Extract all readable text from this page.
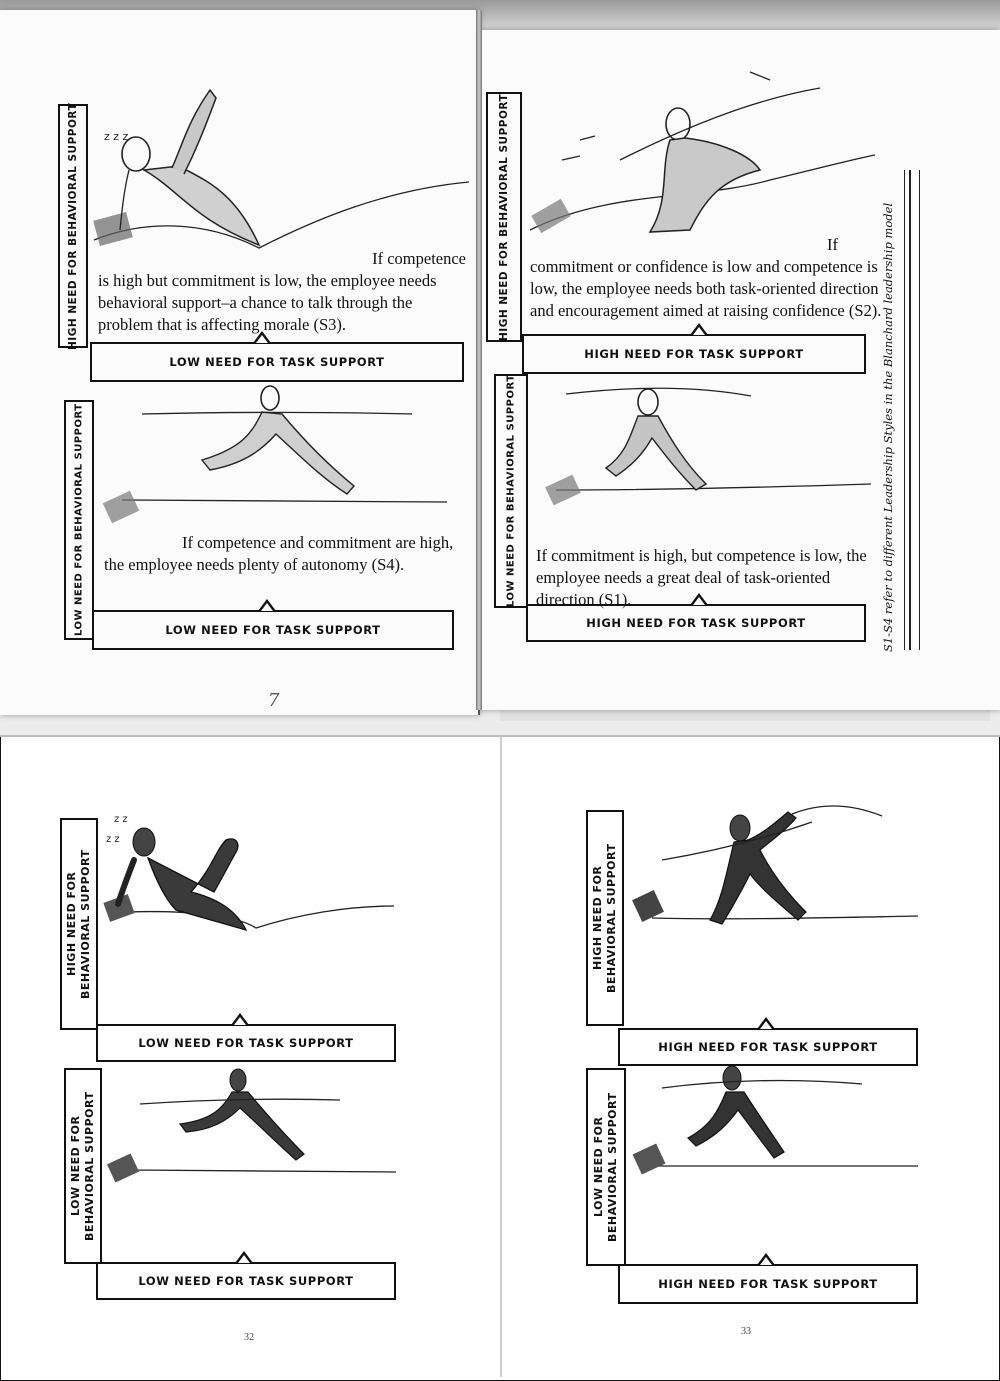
HIGH NEED FOR BEHAVIORAL SUPPORT	z z z
If competence
is high but commitment is low, the employee needs behavioral support–a chance to talk through the problem that is affecting morale (S3).
LOW NEED FOR TASK SUPPORT
HIGH NEED FOR BEHAVIORAL SUPPORT	If
commitment or confidence is low and competence is low, the employee needs both task-oriented direction and encouragement aimed at raising confidence (S2).
HIGH NEED FOR TASK SUPPORT
LOW NEED FOR BEHAVIORAL SUPPORT	If competence and commitment are high, the employee needs plenty of autonomy (S4).
LOW NEED FOR TASK SUPPORT
LOW NEED FOR BEHAVIORAL SUPPORT	If commitment is high, but competence is low, the employee needs a great deal of task-oriented direction (S1).
HIGH NEED FOR TASK SUPPORT	S1-S4 refer to different Leadership Styles in the Blanchard leadership model
7
HIGH NEED FOR BEHAVIORAL SUPPORT
z z
z z
LOW NEED FOR TASK SUPPORT
LOW NEED FOR BEHAVIORAL SUPPORT
LOW NEED FOR TASK SUPPORT
32
HIGH NEED FOR BEHAVIORAL SUPPORT
HIGH NEED FOR TASK SUPPORT
LOW NEED FOR BEHAVIORAL SUPPORT
HIGH NEED FOR TASK SUPPORT
33
